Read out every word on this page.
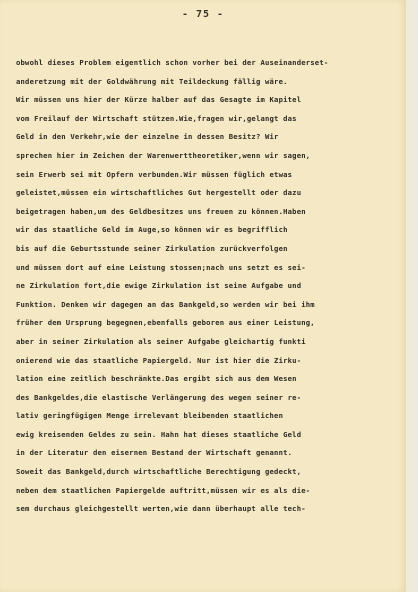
- 75 -
obwohl dieses Problem eigentlich schon vorher bei der Auseinanderset-
anderetzung mit der Goldwährung mit Teildeckung fällig wäre.
Wir müssen uns hier der Kürze halber auf das Gesagte im Kapitel
vom Freilauf der Wirtschaft stützen.Wie,fragen wir,gelangt das
Geld in den Verkehr,wie der einzelne in dessen Besitz? Wir
sprechen hier im Zeichen der Warenwerttheoretiker,wenn wir sagen,
sein Erwerb sei mit Opfern verbunden.Wir müssen füglich etwas
geleistet,müssen ein wirtschaftliches Gut hergestellt oder dazu
beigetragen haben,um des Geldbesitzes uns freuen zu können.Haben
wir das staatliche Geld im Auge,so können wir es begrifflich
bis auf die Geburtsstunde seiner Zirkulation zurückverfolgen
und müssen dort auf eine Leistung stossen;nach uns setzt es sei-
ne Zirkulation fort,die ewige Zirkulation ist seine Aufgabe und
Funktion. Denken wir dagegen an das Bankgeld,so werden wir bei ihm
früher dem Ursprung begegnen,ebenfalls geboren aus einer Leistung,
aber in seiner Zirkulation als seiner Aufgabe gleichartig funkti
onierend wie das staatliche Papiergeld. Nur ist hier die Zirku-
lation eine zeitlich beschränkte.Das ergibt sich aus dem Wesen
des Bankgeldes,die elastische Verlängerung des wegen seiner re-
lativ geringfügigen Menge irrelevant bleibenden staatlichen
ewig kreisenden Geldes zu sein. Hahn hat dieses staatliche Geld
in der Literatur den eisernen Bestand der Wirtschaft genannt.
Soweit das Bankgeld,durch wirtschaftliche Berechtigung gedeckt,
neben dem staatlichen Papiergelde auftritt,müssen wir es als die-
sem durchaus gleichgestellt werten,wie dann überhaupt alle tech-
